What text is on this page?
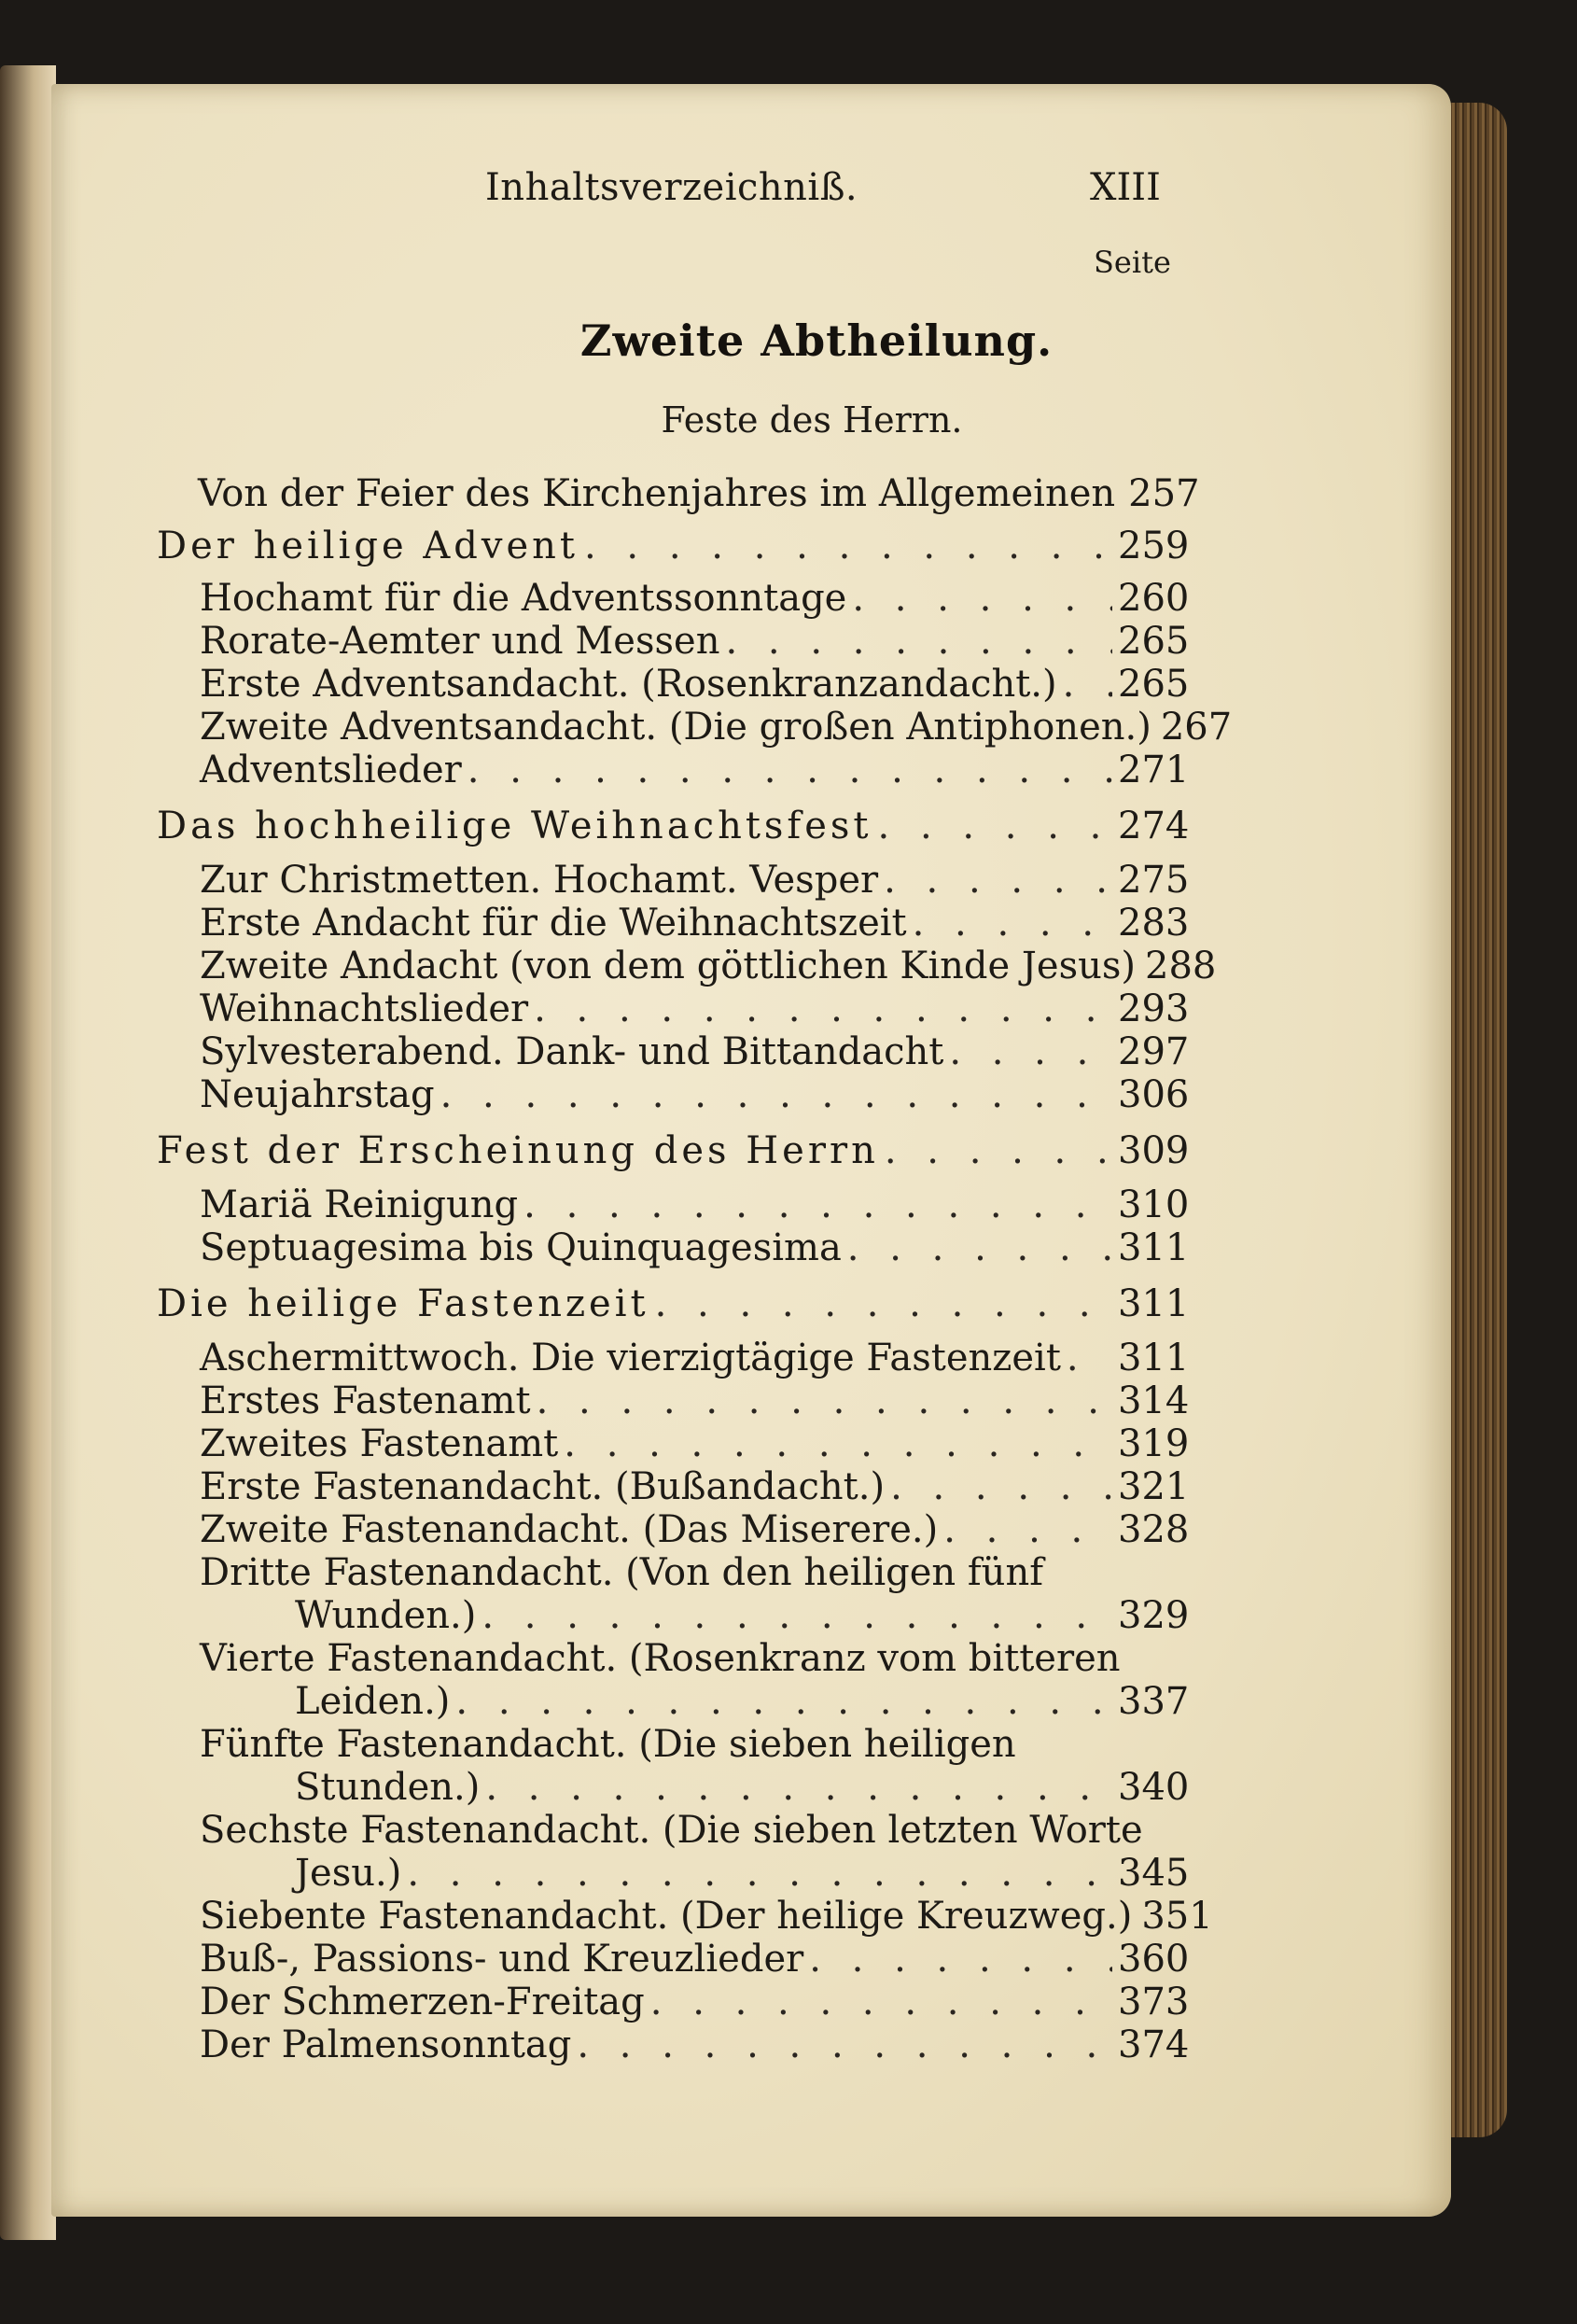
Inhaltsverzeichniß.	XIII
Seite
Zweite Abtheilung.
Feste des Herrn.
Von der Feier des Kirchenjahres im Allgemeinen 257
Der heilige Advent . . .	259
Hochamt für die Adventssonntage . . .	260
Rorate-Aemter und Messen . . .	265
Erste Adventsandacht. (Rosenkranzandacht.) . . . 265
Zweite Adventsandacht. (Die großen Antiphonen.) 267
Adventslieder . . .	271
Das hochheilige Weihnachtsfest . . .	274
Zur Christmetten. Hochamt. Vesper . . .	275
Erste Andacht für die Weihnachtszeit . . .	283
Zweite Andacht (von dem göttlichen Kinde Jesus) 288
Weihnachtslieder . . .	293
Sylvesterabend. Dank- und Bittandacht . . .	297
Neujahrstag . . .	306
Fest der Erscheinung des Herrn . . .	309
Mariä Reinigung . . .	310
Septuagesima bis Quinquagesima . . .	311
Die heilige Fastenzeit . . .	311
Aschermittwoch. Die vierzigtägige Fastenzeit . . . 311
Erstes Fastenamt . . .	314
Zweites Fastenamt . . .	319
Erste Fastenandacht. (Bußandacht.) . . .	321
Zweite Fastenandacht. (Das Miserere.) . . .	328
Dritte Fastenandacht. (Von den heiligen fünf
Wunden.) . . .	329
Vierte Fastenandacht. (Rosenkranz vom bitteren
Leiden.) . . .	337
Fünfte Fastenandacht. (Die sieben heiligen
Stunden.) . . .	340
Sechste Fastenandacht. (Die sieben letzten Worte
Jesu.) . . .	345
Siebente Fastenandacht. (Der heilige Kreuzweg.) 351
Buß-, Passions- und Kreuzlieder . . .	360
Der Schmerzen-Freitag . . .	373
Der Palmensonntag . . .	374
